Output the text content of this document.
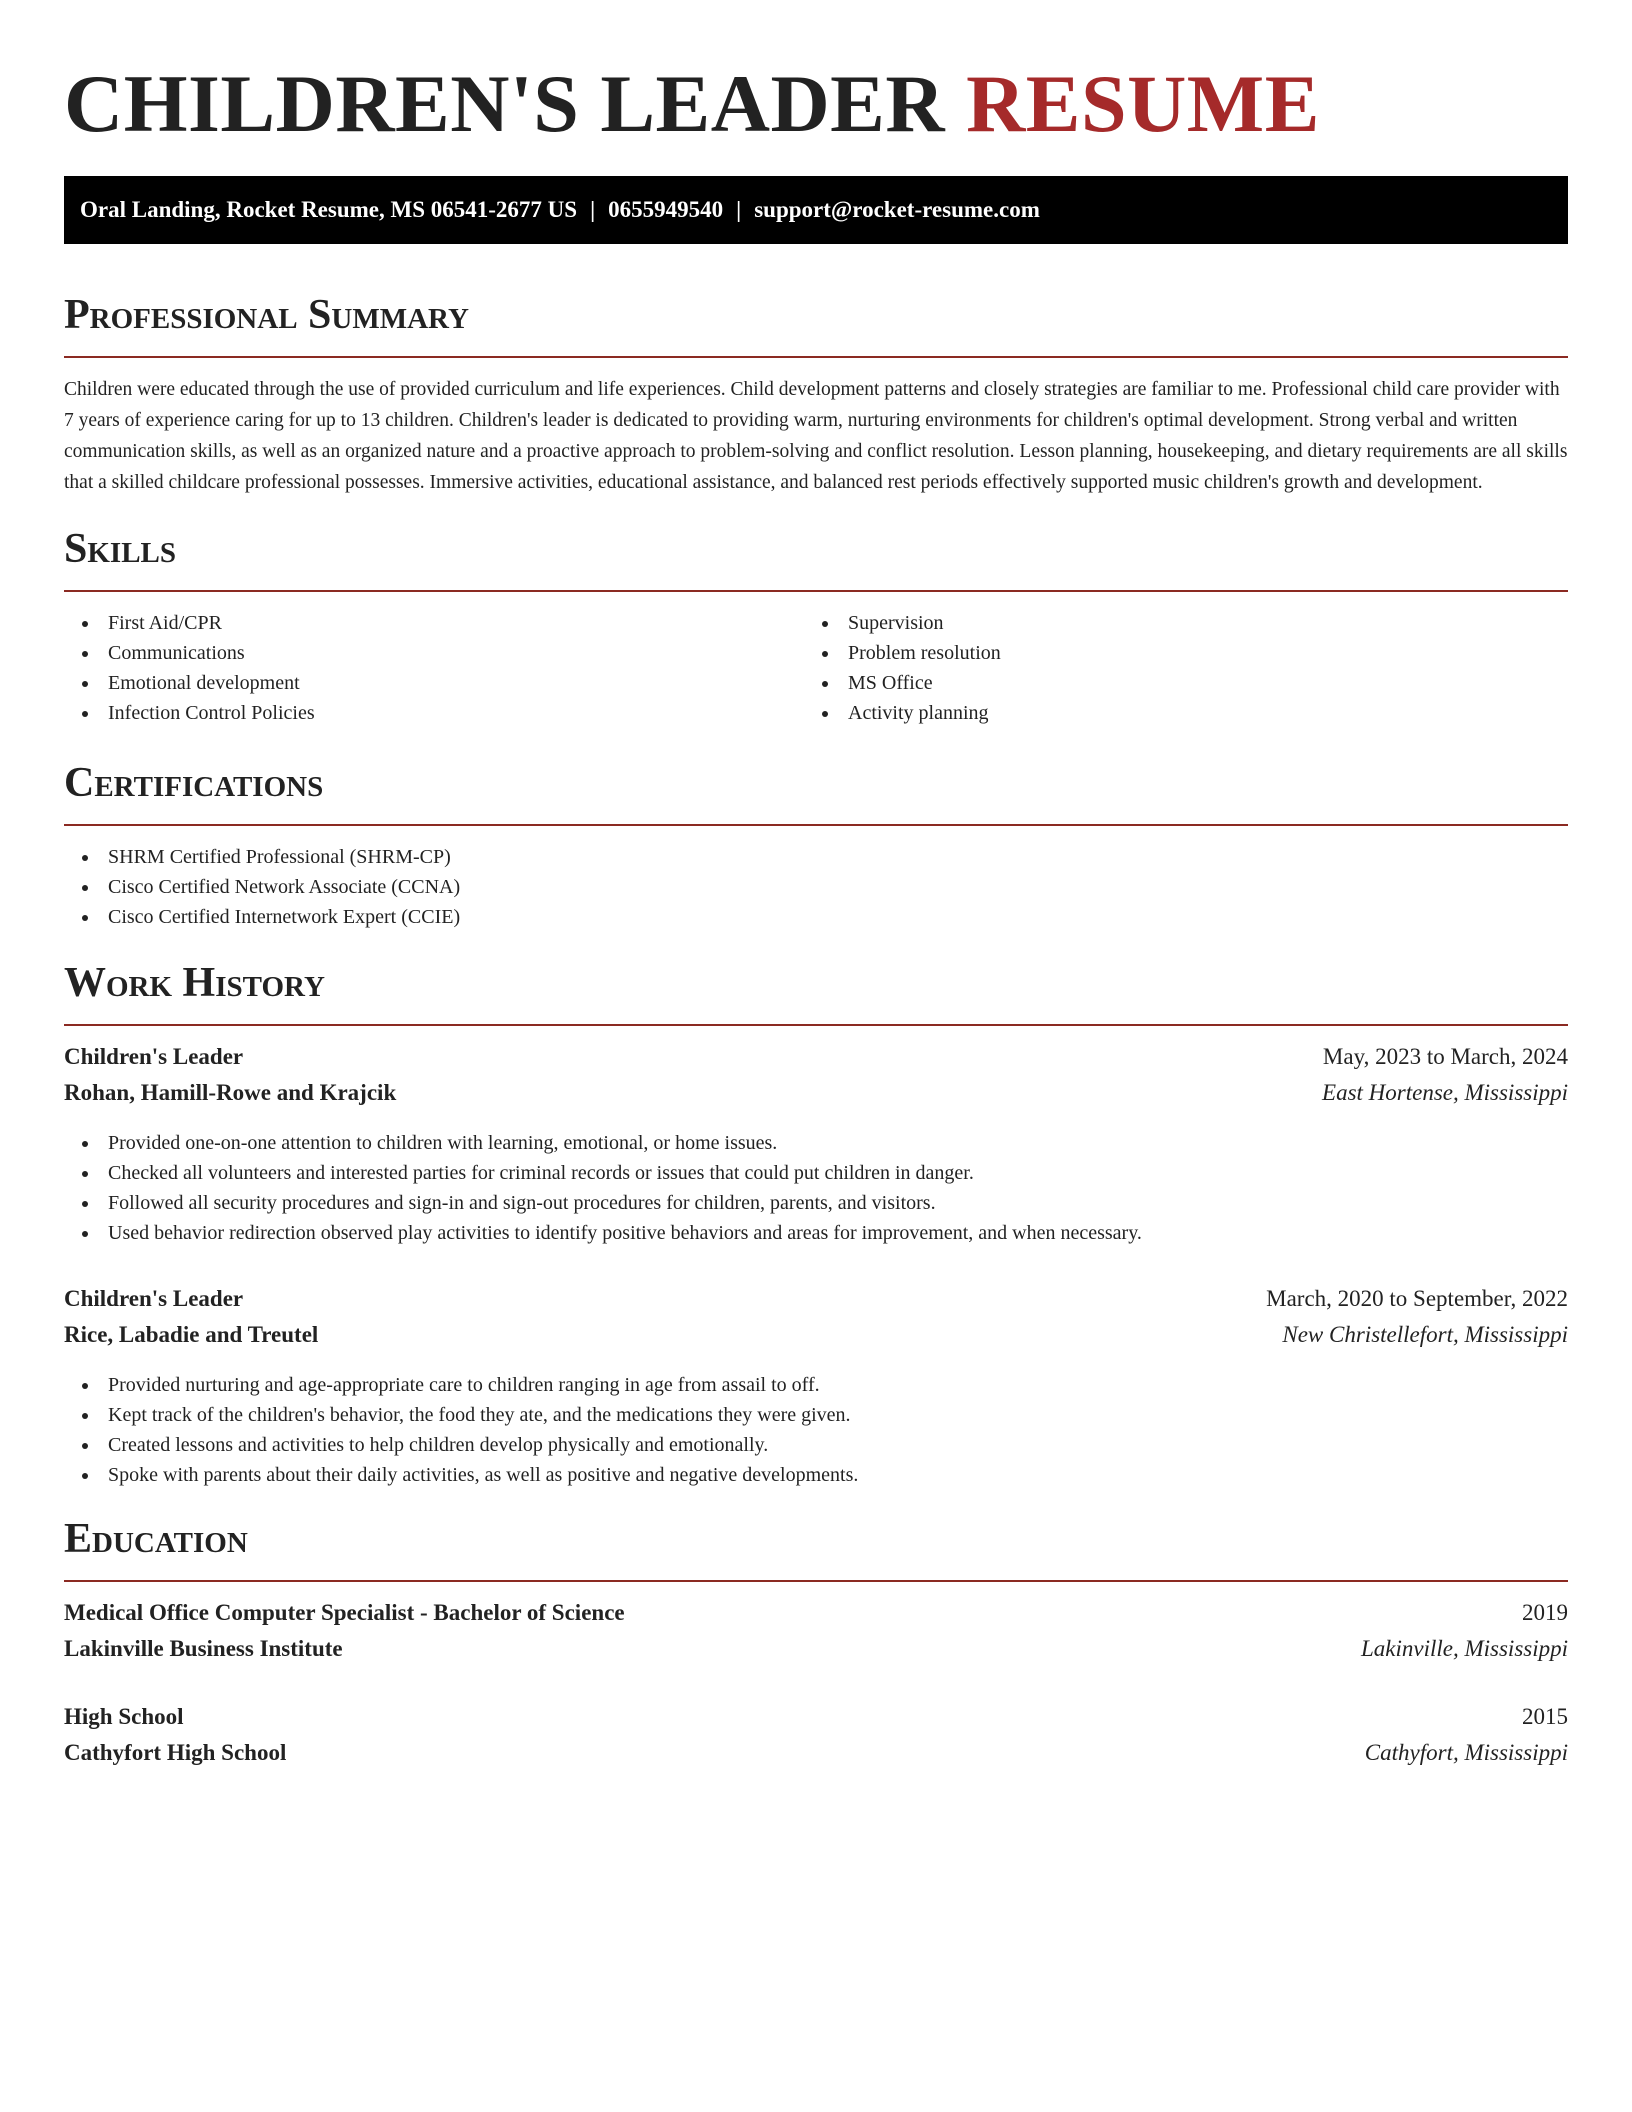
CHILDREN'S LEADER RESUME
Oral Landing, Rocket Resume, MS 06541-2677 US | 0655949540 | support@rocket-resume.com
Professional Summary

Children were educated through the use of provided curriculum and life experiences. Child development patterns and closely strategies are familiar to me. Professional child care provider with 7 years of experience caring for up to 13 children. Children's leader is dedicated to providing warm, nurturing environments for children's optimal development. Strong verbal and written communication skills, as well as an organized nature and a proactive approach to problem-solving and conflict resolution. Lesson planning, housekeeping, and dietary requirements are all skills that a skilled childcare professional possesses. Immersive activities, educational assistance, and balanced rest periods effectively supported music children's growth and development.

Skills
First Aid/CPR
Communications
Emotional development
Infection Control Policies
Supervision
Problem resolution
MS Office
Activity planning
Certifications
SHRM Certified Professional (SHRM-CP)
Cisco Certified Network Associate (CCNA)
Cisco Certified Internetwork Expert (CCIE)
Work History
Children's Leader	May, 2023 to March, 2024
Rohan, Hamill-Rowe and Krajcik	East Hortense, Mississippi
Provided one-on-one attention to children with learning, emotional, or home issues.
Checked all volunteers and interested parties for criminal records or issues that could put children in danger.
Followed all security procedures and sign-in and sign-out procedures for children, parents, and visitors.
Used behavior redirection observed play activities to identify positive behaviors and areas for improvement, and when necessary.
Children's Leader	March, 2020 to September, 2022
Rice, Labadie and Treutel	New Christellefort, Mississippi
Provided nurturing and age-appropriate care to children ranging in age from assail to off.
Kept track of the children's behavior, the food they ate, and the medications they were given.
Created lessons and activities to help children develop physically and emotionally.
Spoke with parents about their daily activities, as well as positive and negative developments.
Education
Medical Office Computer Specialist - Bachelor of Science	2019
Lakinville Business Institute	Lakinville, Mississippi
High School	2015
Cathyfort High School	Cathyfort, Mississippi
